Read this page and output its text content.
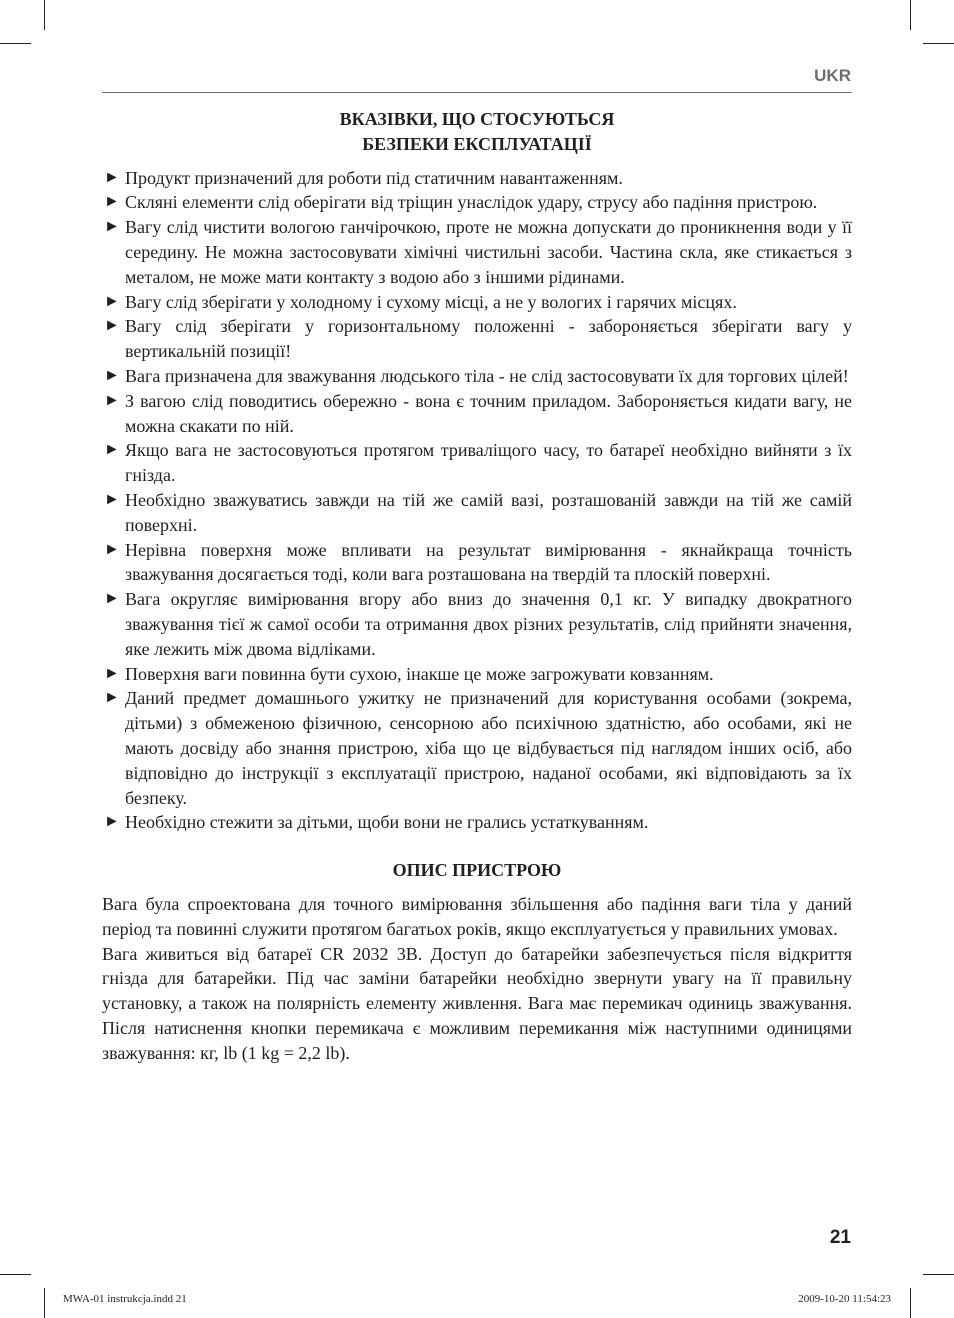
UKR

ВКАЗІВКИ, ЩО СТОСУЮТЬСЯ
БЕЗПЕКИ ЕКСПЛУАТАЦІЇ

► Продукт призначений для роботи під статичним навантаженням.
► Скляні елементи слід оберігати від тріщин унаслідок удару, струсу або падіння пристрою.
► Вагу слід чистити вологою ганчірочкою, проте не можна допускати до проникнення води у її середину. Не можна застосовувати хімічні чистильні засоби. Частина скла, яке стикається з металом, не може мати контакту з водою або з іншими рідинами.
► Вагу слід зберігати у холодному і сухому місці, а не у вологих і гарячих місцях.
► Вагу слід зберігати у горизонтальному положенні - забороняється зберігати вагу у вертикальній позиції!
► Вага призначена для зважування людського тіла - не слід застосовувати їх для торгових цілей!
► З вагою слід поводитись обережно - вона є точним приладом. Забороняється кидати вагу, не можна скакати по ній.
► Якщо вага не застосовуються протягом триваліщого часу, то батареї необхідно вийняти з їх гнізда.
► Необхідно зважуватись завжди на тій же самій вазі, розташованій завжди на тій же самій поверхні.
► Нерівна поверхня може впливати на результат вимірювання - якнайкраща точність зважування досягається тоді, коли вага розташована на твердій та плоскій поверхні.
► Вага округляє вимірювання вгору або вниз до значення 0,1 кг. У випадку двократного зважування тієї ж самої особи та отримання двох різних результатів, слід прийняти значення, яке лежить між двома відліками.
► Поверхня ваги повинна бути сухою, інакше це може загрожувати ковзанням.
► Даний предмет домашнього ужитку не призначений для користування особами (зокрема, дітьми) з обмеженою фізичною, сенсорною або психічною здатністю, або особами, які не мають досвіду або знання пристрою, хіба що це відбувається під наглядом інших осіб, або відповідно до інструкції з експлуатації пристрою, наданої особами, які відповідають за їх безпеку.
► Необхідно стежити за дітьми, щоби вони не грались устаткуванням.

ОПИС ПРИСТРОЮ

Вага була спроектована для точного вимірювання збільшення або падіння ваги тіла у даний період та повинні служити протягом багатьох років, якщо експлуатується у правильних умовах.

Вага живиться від батареї CR 2032 3В. Доступ до батарейки забезпечується після відкриття гнізда для батарейки. Під час заміни батарейки необхідно звернути увагу на її правильну установку, а також на полярність елементу живлення. Вага має перемикач одиниць зважування. Після натиснення кнопки перемикача є можливим перемикання між наступними одиницями зважування: кг, lb (1 kg = 2,2 lb).

21
MWA-01 instrukcja.indd 21	2009-10-20 11:54:23
